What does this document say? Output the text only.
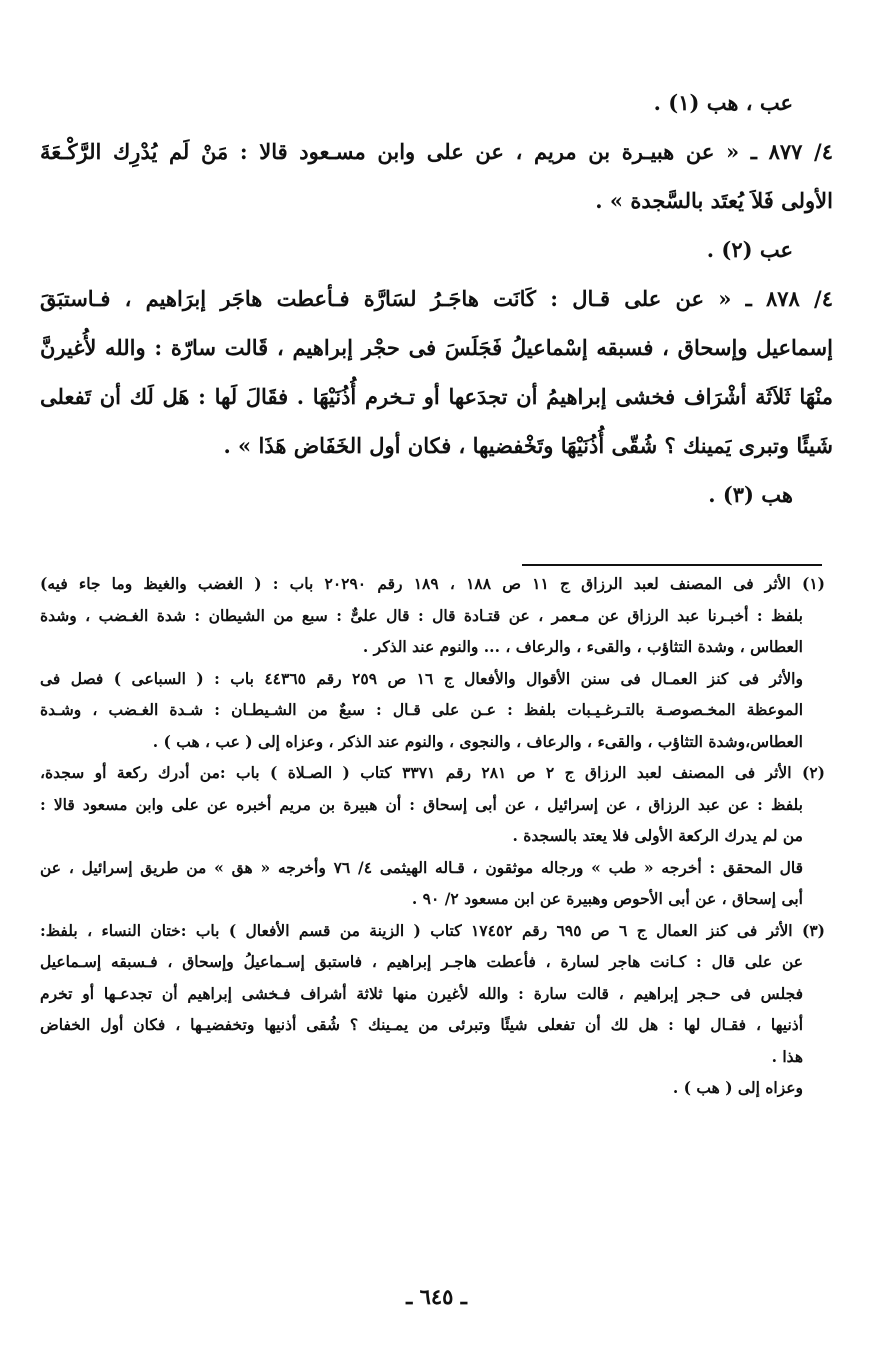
عب ، هب (١) .

٤/ ٨٧٧ ـ « عن هبيـرة بن مريم ، عن على وابن مسـعود قالا : مَنْ لَم يُدْرِك الرَّكْـعَةَ

الأولى فَلاَ يُعتَد بالسَّجدة » .

عب (٢) .

٤/ ٨٧٨ ـ « عن على قـال : كَانَت هاجَـرُ لسَارَّة فـأعطت هاجَر إبرَاهيم ، فـاستبَقَ

إسماعيل وإسحاق ، فسبقه إسْماعيلُ فَجَلَسَ فى حجْر إبراهيم ، قَالت سارّة : والله لأُغيرنَّ

منْهَا ثَلاَثَة أشْرَاف فخشى إبراهيمُ أن تجدَعها أو تـخرم أُذُنَيْهَا . فقَالَ لَها : هَل لَك أن تَفعلى

شَيئًا وتبرى يَمينك ؟ شُقّى أُذُنَيْهَا وتَخْفضيها ، فكان أول الخَفَاض هَذَا » .

هب (٣) .

(١) الأثر فى المصنف لعبد الرزاق ج ١١ ص ١٨٨ ، ١٨٩ رقم ٢٠٢٩٠ باب : ( الغضب والغيظ وما جاء فيه)

بلفظ : أخبـرنا عبد الرزاق عن مـعمر ، عن قتـادة قال : قال علىٌّ : سبع من الشيطان : شدة الغـضب ، وشدة

العطاس ، وشدة التثاؤب ، والقىء ، والرعاف ، ... والنوم عند الذكر .

والأثر فى كنز العمـال فى سنن الأقوال والأفعال ج ١٦ ص ٢٥٩ رقم ٤٤٣٦٥ باب : ( السباعى ) فصل فى

الموعظة المخـصوصـة بالتـرغـيـبات بلفظ : عـن على قـال : سبعٌ من الشـيطـان : شـدة الغـضب ، وشـدة

العطاس،وشدة التثاؤب ، والقىء ، والرعاف ، والنجوى ، والنوم عند الذكر ، وعزاه إلى ( عب ، هب ) .

(٢) الأثر فى المصنف لعبد الرزاق ج ٢ ص ٢٨١ رقم ٣٣٧١ كتاب ( الصـلاة ) باب :من أدرك ركعة أو سجدة،

بلفظ : عن عبد الرزاق ، عن إسرائيل ، عن أبى إسحاق : أن هبيرة بن مريم أخبره عن على وابن مسعود قالا :

من لم يدرك الركعة الأولى فلا يعتد بالسجدة .

قال المحقق : أخرجه « طب » ورجاله موثقون ، قـاله الهيثمى ٤/ ٧٦ وأخرجه « هق » من طريق إسرائيل ، عن

أبى إسحاق ، عن أبى الأحوص وهبيرة عن ابن مسعود ٢/ ٩٠ .

(٣) الأثر فى كنز العمال ج ٦ ص ٦٩٥ رقم ١٧٤٥٢ كتاب ( الزينة من قسم الأفعال ) باب :ختان النساء ، بلفظ:

عن على قال : كـانت هاجر لسارة ، فأعطت هاجـر إبراهيم ، فاستبق إسـماعيلُ وإسحاق ، فـسبقه إسـماعيل

فجلس فى حـجر إبراهيم ، قالت سارة : والله لأغيرن منها ثلاثة أشراف فـخشى إبراهيم أن تجدعـها أو تخرم

أذنيها ، فقـال لها : هل لك أن تفعلى شيئًا وتبرئى من يمـينك ؟ شُقى أذنيها وتخفضيـها ، فكان أول الخفاض

هذا .

وعزاه إلى ( هب ) .

ـ ٦٤٥ ـ
